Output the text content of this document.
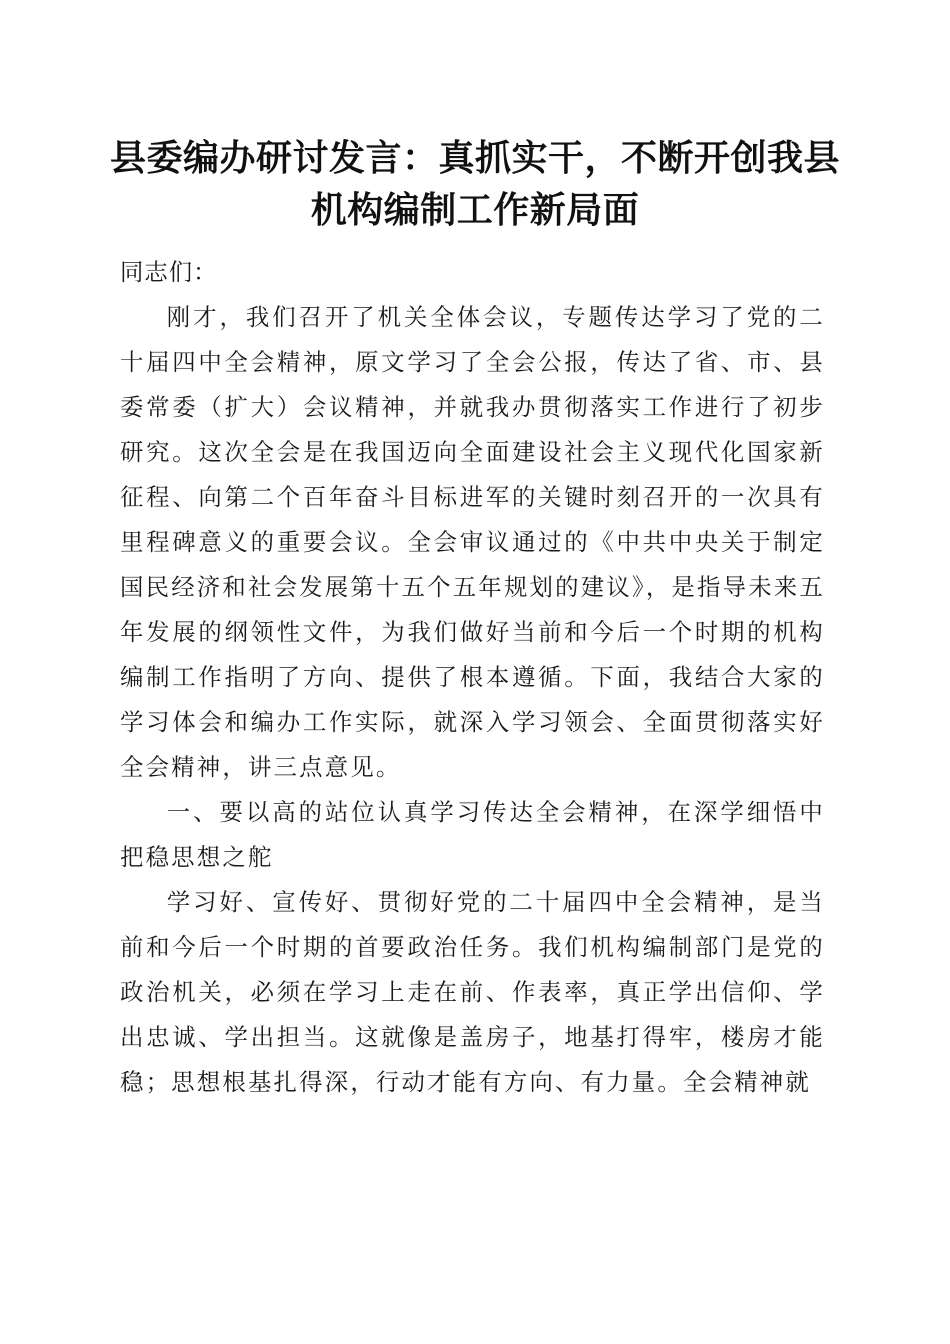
县委编办研讨发言：真抓实干，不断开创我县
机构编制工作新局面

同志们：

刚才，我们召开了机关全体会议，专题传达学习了党的二十届四中全会精神，原文学习了全会公报，传达了省、市、县委常委（扩大）会议精神，并就我办贯彻落实工作进行了初步研究。这次全会是在我国迈向全面建设社会主义现代化国家新征程、向第二个百年奋斗目标进军的关键时刻召开的一次具有里程碑意义的重要会议。全会审议通过的《中共中央关于制定国民经济和社会发展第十五个五年规划的建议》，是指导未来五年发展的纲领性文件，为我们做好当前和今后一个时期的机构编制工作指明了方向、提供了根本遵循。下面，我结合大家的学习体会和编办工作实际，就深入学习领会、全面贯彻落实好全会精神，讲三点意见。

一、要以高的站位认真学习传达全会精神，在深学细悟中把稳思想之舵

学习好、宣传好、贯彻好党的二十届四中全会精神，是当前和今后一个时期的首要政治任务。我们机构编制部门是党的政治机关，必须在学习上走在前、作表率，真正学出信仰、学出忠诚、学出担当。这就像是盖房子，地基打得牢，楼房才能稳；思想根基扎得深，行动才能有方向、有力量。全会精神就
